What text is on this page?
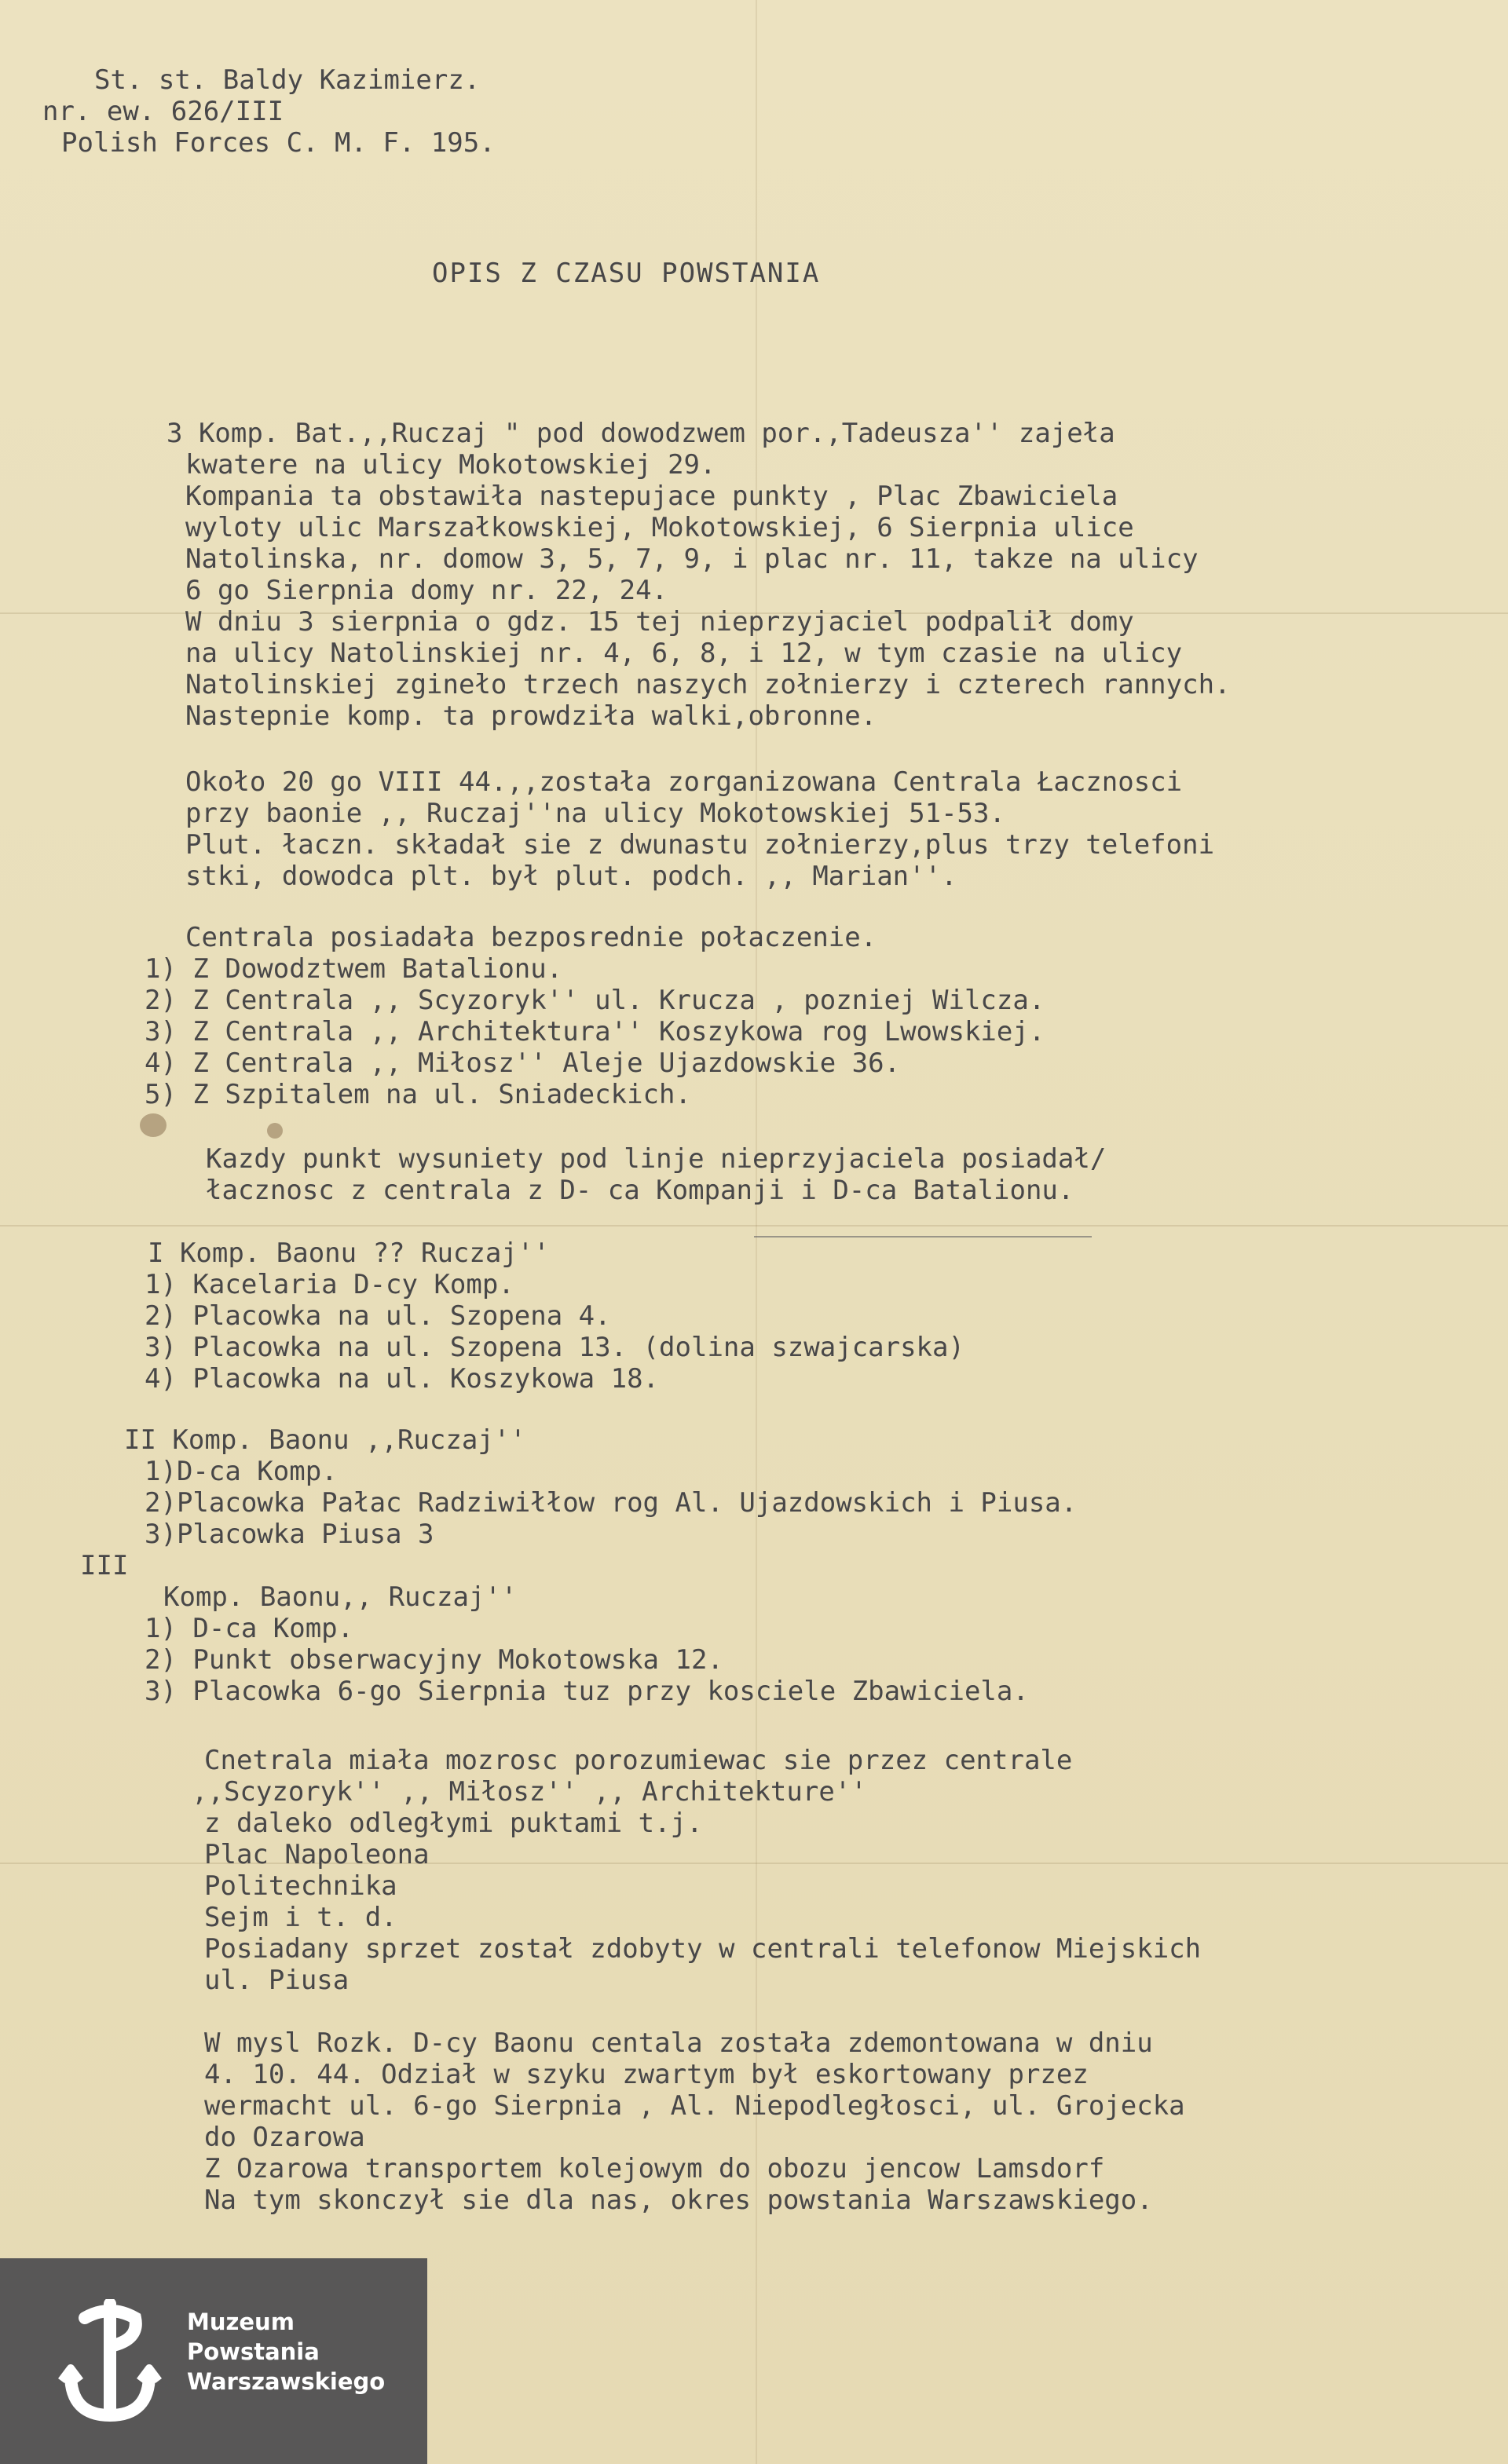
St. st. Baldy Kazimierz.

nr. ew. 626/III

Polish Forces C. M. F. 195.

OPIS Z CZASU POWSTANIA

3 Komp. Bat.,,Ruczaj " pod dowodzwem por.,Tadeusza'' zajeła

kwatere na ulicy Mokotowskiej 29.

Kompania ta obstawiła nastepujace punkty , Plac Zbawiciela

wyloty ulic Marszałkowskiej, Mokotowskiej, 6 Sierpnia ulice

Natolinska, nr. domow 3, 5, 7, 9, i plac nr. 11, takze na ulicy

6 go Sierpnia domy nr. 22, 24.

W dniu 3 sierpnia o gdz. 15 tej nieprzyjaciel podpalił domy

na ulicy Natolinskiej nr. 4, 6, 8, i 12, w tym czasie na ulicy

Natolinskiej zgineło trzech naszych zołnierzy i czterech rannych.

Nastepnie komp. ta prowdziła walki,obronne.

Około 20 go VIII 44.,,została zorganizowana Centrala Łacznosci

przy baonie ,, Ruczaj''na ulicy Mokotowskiej 51-53.

Plut. łaczn. składał sie z dwunastu zołnierzy,plus trzy telefoni

stki, dowodca plt. był plut. podch. ,, Marian''.

Centrala posiadała bezposrednie połaczenie.

1) Z Dowodztwem Batalionu.

2) Z Centrala ,, Scyzoryk'' ul. Krucza , pozniej Wilcza.

3) Z Centrala ,, Architektura'' Koszykowa rog Lwowskiej.

4) Z Centrala ,, Miłosz'' Aleje Ujazdowskie 36.

5) Z Szpitalem na ul. Sniadeckich.

Kazdy punkt wysuniety pod linje nieprzyjaciela posiadał/

łacznosc z centrala z D- ca Kompanji i D-ca Batalionu.

I Komp. Baonu ?? Ruczaj''

1) Kacelaria D-cy Komp.

2) Placowka na ul. Szopena 4.

3) Placowka na ul. Szopena 13. (dolina szwajcarska)

4) Placowka na ul. Koszykowa 18.

II Komp. Baonu ,,Ruczaj''

1)D-ca Komp.

2)Placowka Pałac Radziwiłłow rog Al. Ujazdowskich i Piusa.

3)Placowka Piusa 3

III

Komp. Baonu,, Ruczaj''

1) D-ca Komp.

2) Punkt obserwacyjny Mokotowska 12.

3) Placowka 6-go Sierpnia tuz przy kosciele Zbawiciela.

Cnetrala miała mozrosc porozumiewac sie przez centrale

,,Scyzoryk'' ,, Miłosz'' ,, Architekture''

z daleko odległymi puktami t.j.

Plac Napoleona

Politechnika

Sejm i t. d.

Posiadany sprzet został zdobyty w centrali telefonow Miejskich

ul. Piusa

W mysl Rozk. D-cy Baonu centala została zdemontowana w dniu

4. 10. 44. Odział w szyku zwartym był eskortowany przez

wermacht ul. 6-go Sierpnia , Al. Niepodległosci, ul. Grojecka

do Ozarowa

Z Ozarowa transportem kolejowym do obozu jencow Lamsdorf

Na tym skonczył sie dla nas, okres powstania Warszawskiego.

Muzeum
Powstania
Warszawskiego
